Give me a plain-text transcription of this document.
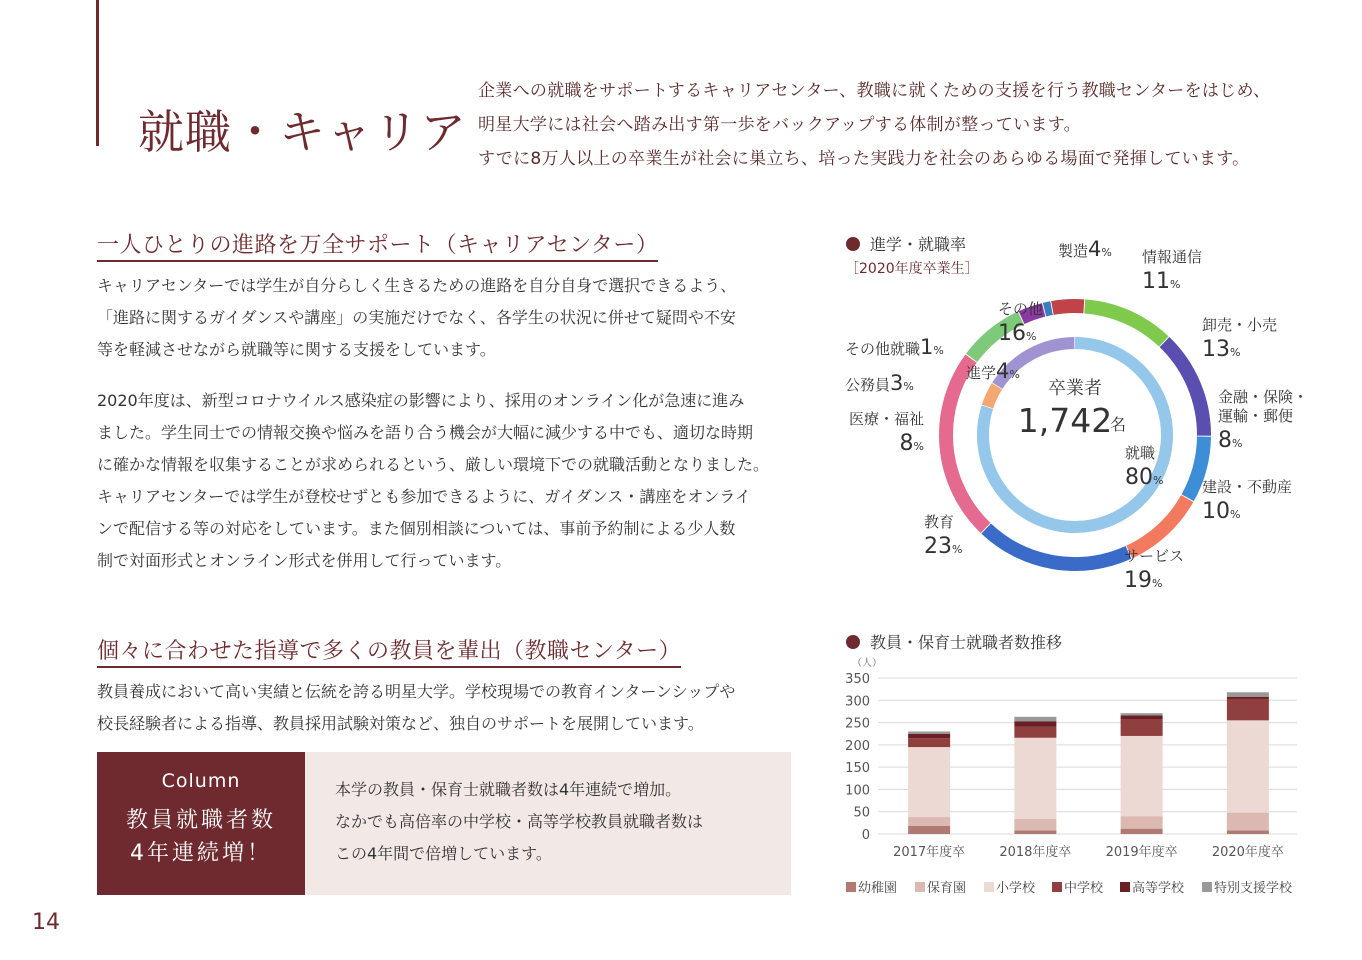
就職・キャリア

企業への就職をサポートするキャリアセンター、教職に就くための支援を行う教職センターをはじめ、

明星大学には社会へ踏み出す第一歩をバックアップする体制が整っています。

すでに8万人以上の卒業生が社会に巣立ち、培った実践力を社会のあらゆる場面で発揮しています。

一人ひとりの進路を万全サポート（キャリアセンター）

キャリアセンターでは学生が自分らしく生きるための進路を自分自身で選択できるよう、

「進路に関するガイダンスや講座」の実施だけでなく、各学生の状況に併せて疑問や不安

等を軽減させながら就職等に関する支援をしています。

2020年度は、新型コロナウイルス感染症の影響により、採用のオンライン化が急速に進み

ました。学生同士での情報交換や悩みを語り合う機会が大幅に減少する中でも、適切な時期

に確かな情報を収集することが求められるという、厳しい環境下での就職活動となりました。

キャリアセンターでは学生が登校せずとも参加できるように、ガイダンス・講座をオンライ

ンで配信する等の対応をしています。また個別相談については、事前予約制による少人数

制で対面形式とオンライン形式を併用して行っています。

個々に合わせた指導で多くの教員を輩出（教職センター）

教員養成において高い実績と伝統を誇る明星大学。学校現場での教育インターンシップや

校長経験者による指導、教員採用試験対策など、独自のサポートを展開しています。

Column
教員就職者数
4年連続増！

本学の教員・保育士就職者数は4年連続で増加。

なかでも高倍率の中学校・高等学校教員就職者数は

この4年間で倍増しています。

14
進学・就職率
［2020年度卒業生］
卒業者
1,742
名
製造4% 情報通信
11%
卸売・小売
13%
金融・保険・
運輸・郵便
8%
建設・不動産
10%
サービス
19%
教育
23%
医療・福祉
8%
公務員3%
その他就職1%
その他
16%
進学4%
就職
80%
教員・保育士就職者数推移
（人）
0
50
100
150
200
250
300
350
2017年度卒	2018年度卒	2019年度卒	2020年度卒
幼稚園 保育園 小学校 中学校 高等学校 特別支援学校
